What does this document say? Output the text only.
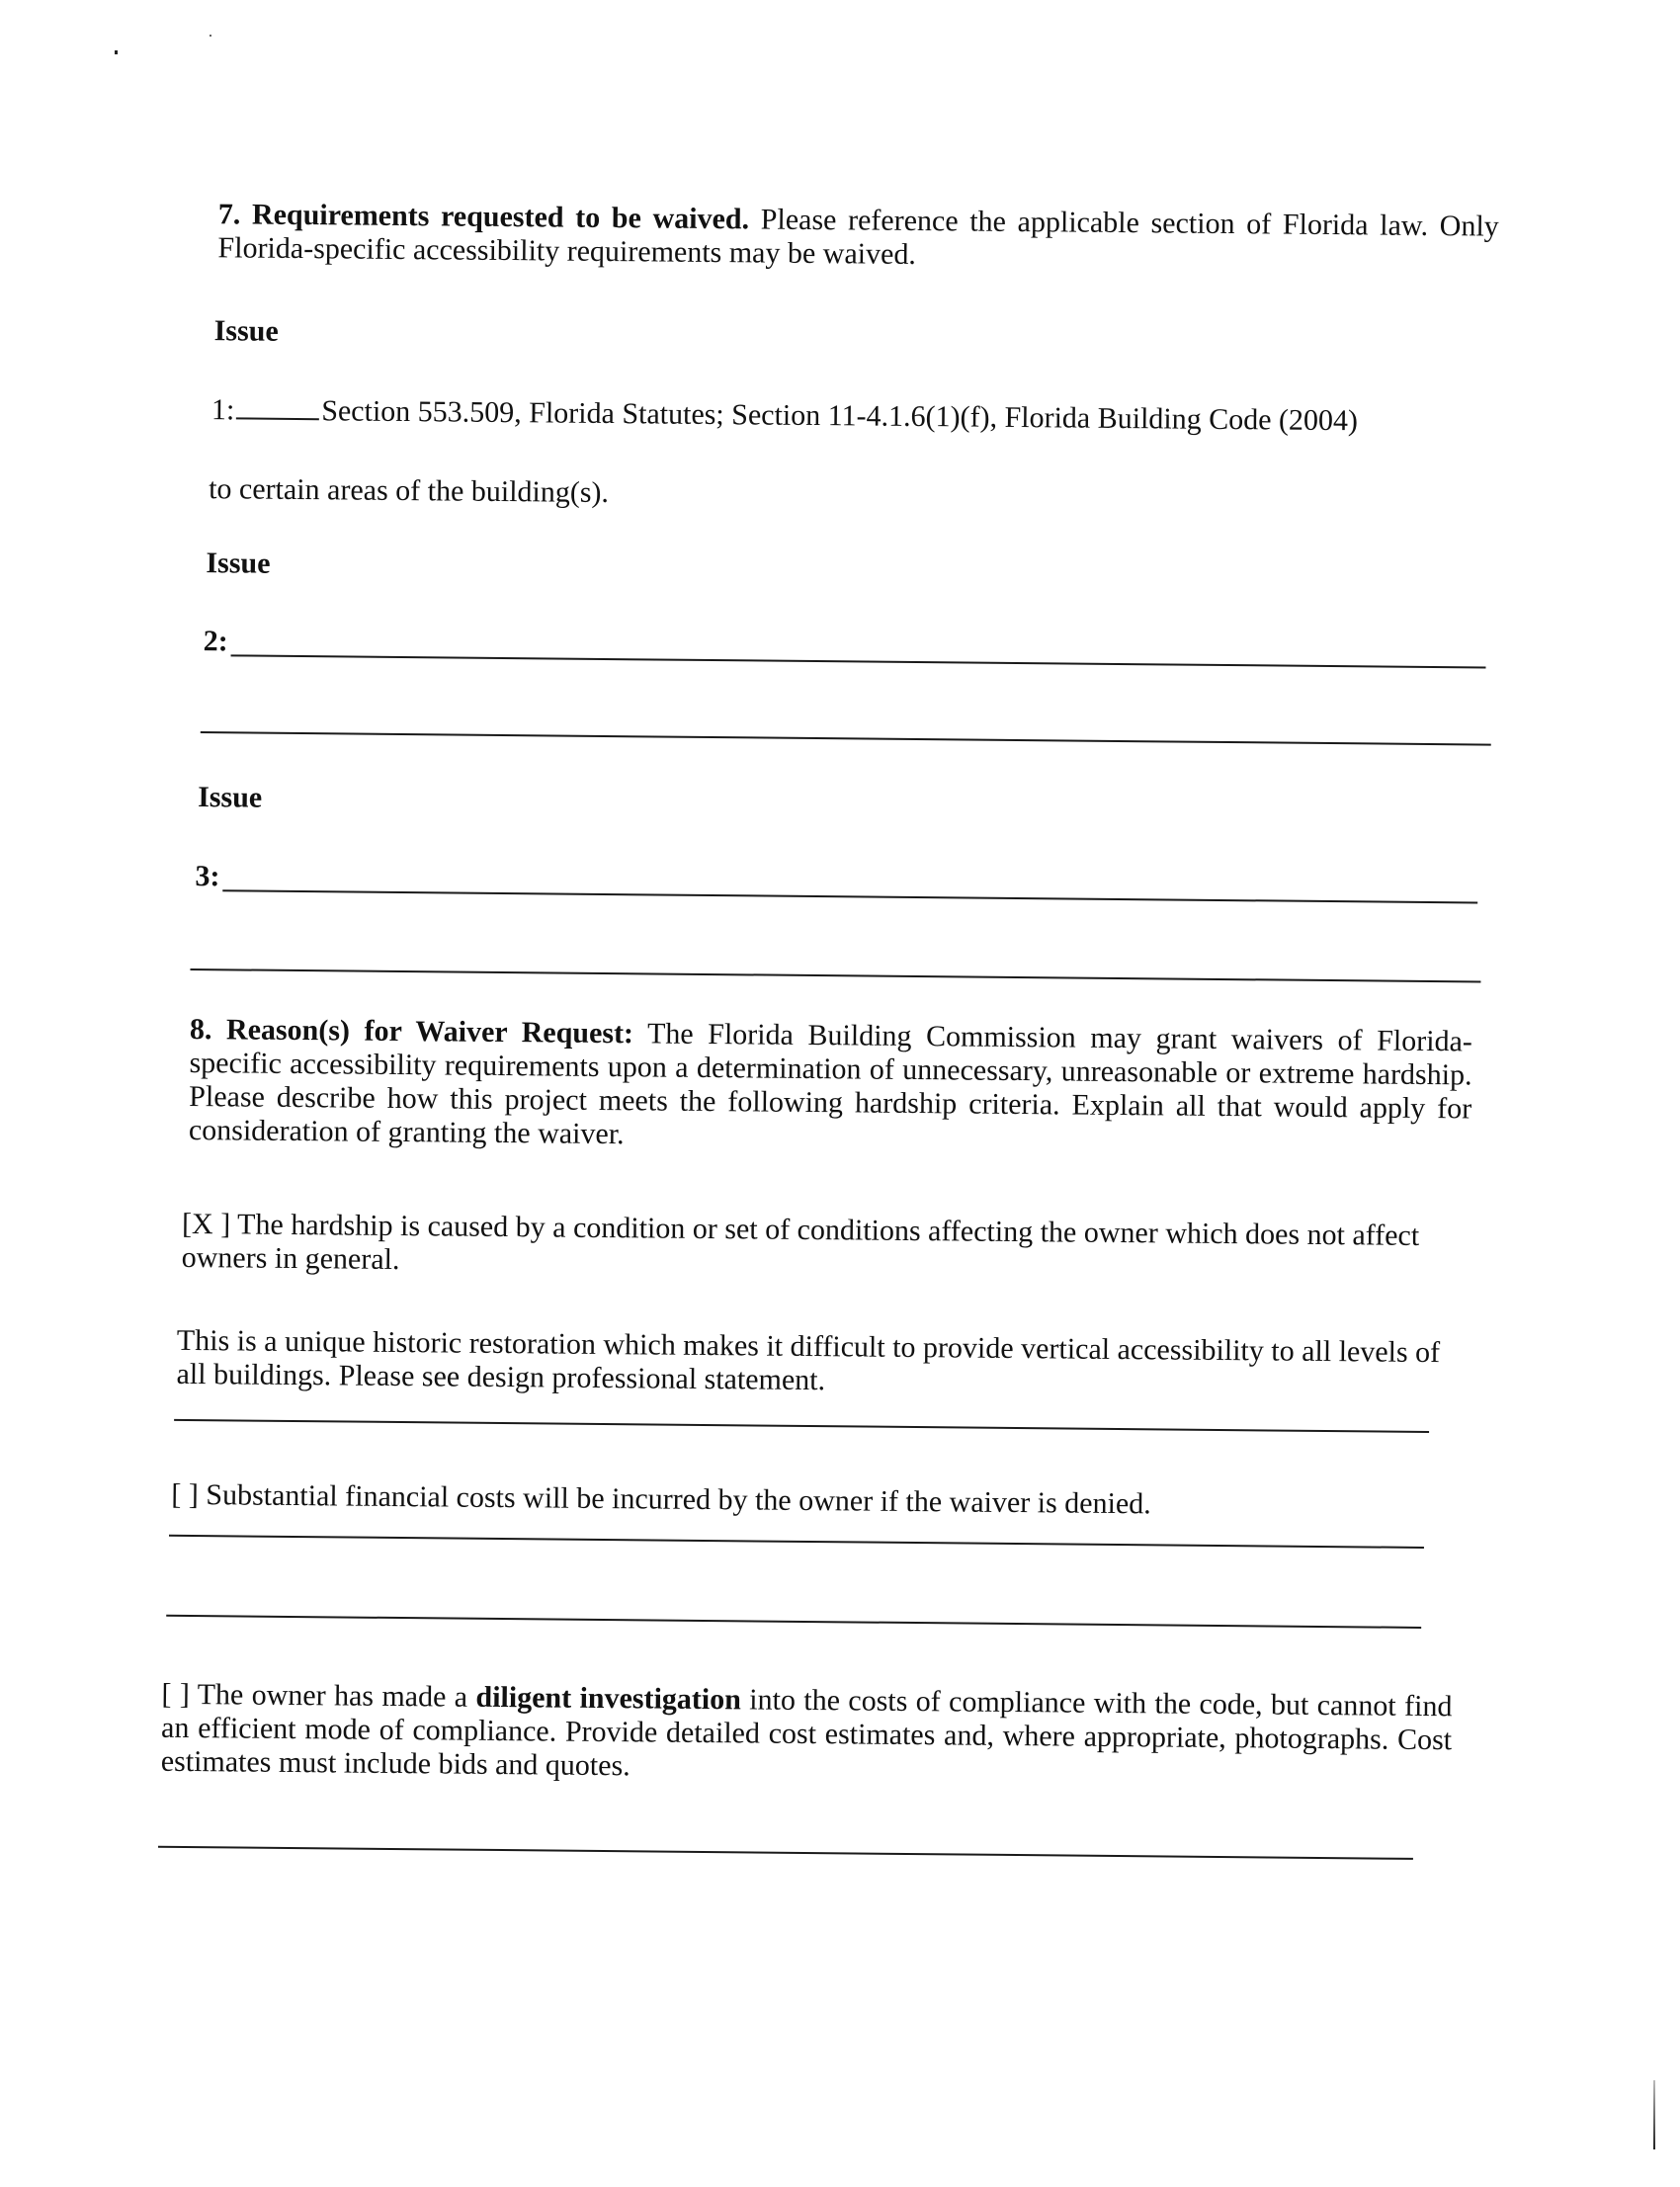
7. Requirements requested to be waived. Please reference the applicable section of Florida law. Only Florida-specific accessibility requirements may be waived.
Issue
1:	Section 553.509, Florida Statutes; Section 11-4.1.6(1)(f), Florida Building Code (2004)
to certain areas of the building(s).
Issue
2:
Issue
3:
8. Reason(s) for Waiver Request: The Florida Building Commission may grant waivers of Florida-specific accessibility requirements upon a determination of unnecessary, unreasonable or extreme hardship. Please describe how this project meets the following hardship criteria. Explain all that would apply for consideration of granting the waiver.
[X ] The hardship is caused by a condition or set of conditions affecting the owner which does not affect owners in general.
This is a unique historic restoration which makes it difficult to provide vertical accessibility to all levels of all buildings. Please see design professional statement.
[ ] Substantial financial costs will be incurred by the owner if the waiver is denied.
[ ] The owner has made a diligent investigation into the costs of compliance with the code, but cannot find an efficient mode of compliance. Provide detailed cost estimates and, where appropriate, photographs. Cost estimates must include bids and quotes.
